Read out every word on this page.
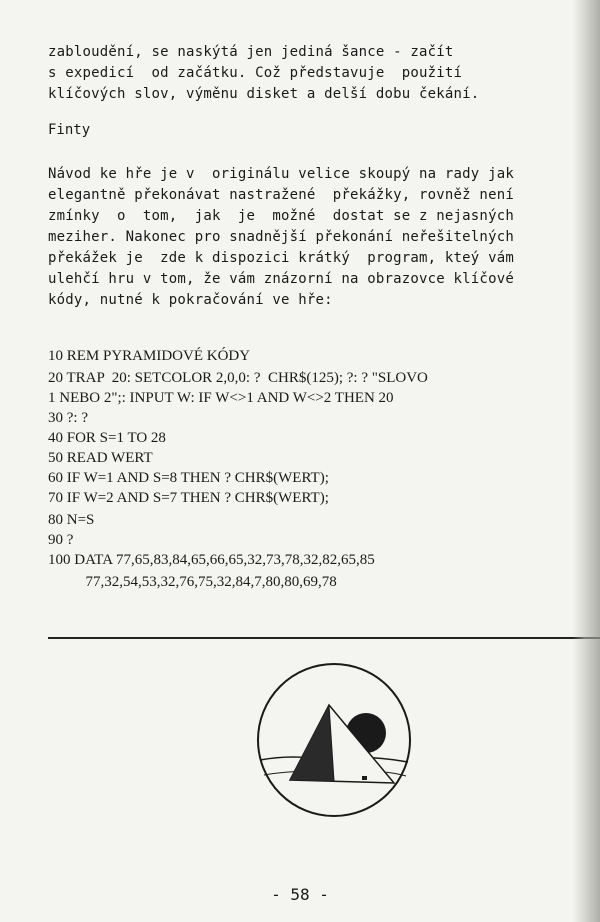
zabloudění, se naskýtá jen jediná šance - začít
s expedicí  od začátku. Což představuje  použití
klíčových slov, výměnu disket a delší dobu čekání.

Finty

Návod ke hře je v  originálu velice skoupý na rady jak
elegantně překonávat nastražené  překážky, rovněž není
zmínky  o  tom,  jak  je  možné  dostat se z nejasných
meziher. Nakonec pro snadnější překonání neřešitelných
překážek je  zde k dispozici krátký  program, kteý vám
ulehčí hru v tom, že vám znázorní na obrazovce klíčové
kódy, nutné k pokračování ve hře:

10 REM PYRAMIDOVÉ KÓDY

20 TRAP  20: SETCOLOR 2,0,0: ?  CHR$(125); ?: ? "SLOVO

1 NEBO 2";: INPUT W: IF W<>1 AND W<>2 THEN 20

30 ?: ?

40 FOR S=1 TO 28

50 READ WERT

60 IF W=1 AND S=8 THEN ? CHR$(WERT);

70 IF W=2 AND S=7 THEN ? CHR$(WERT);

80 N=S

90 ?

100 DATA 77,65,83,84,65,66,65,32,73,78,32,82,65,85

77,32,54,53,32,76,75,32,84,7,80,80,69,78

- 58 -
